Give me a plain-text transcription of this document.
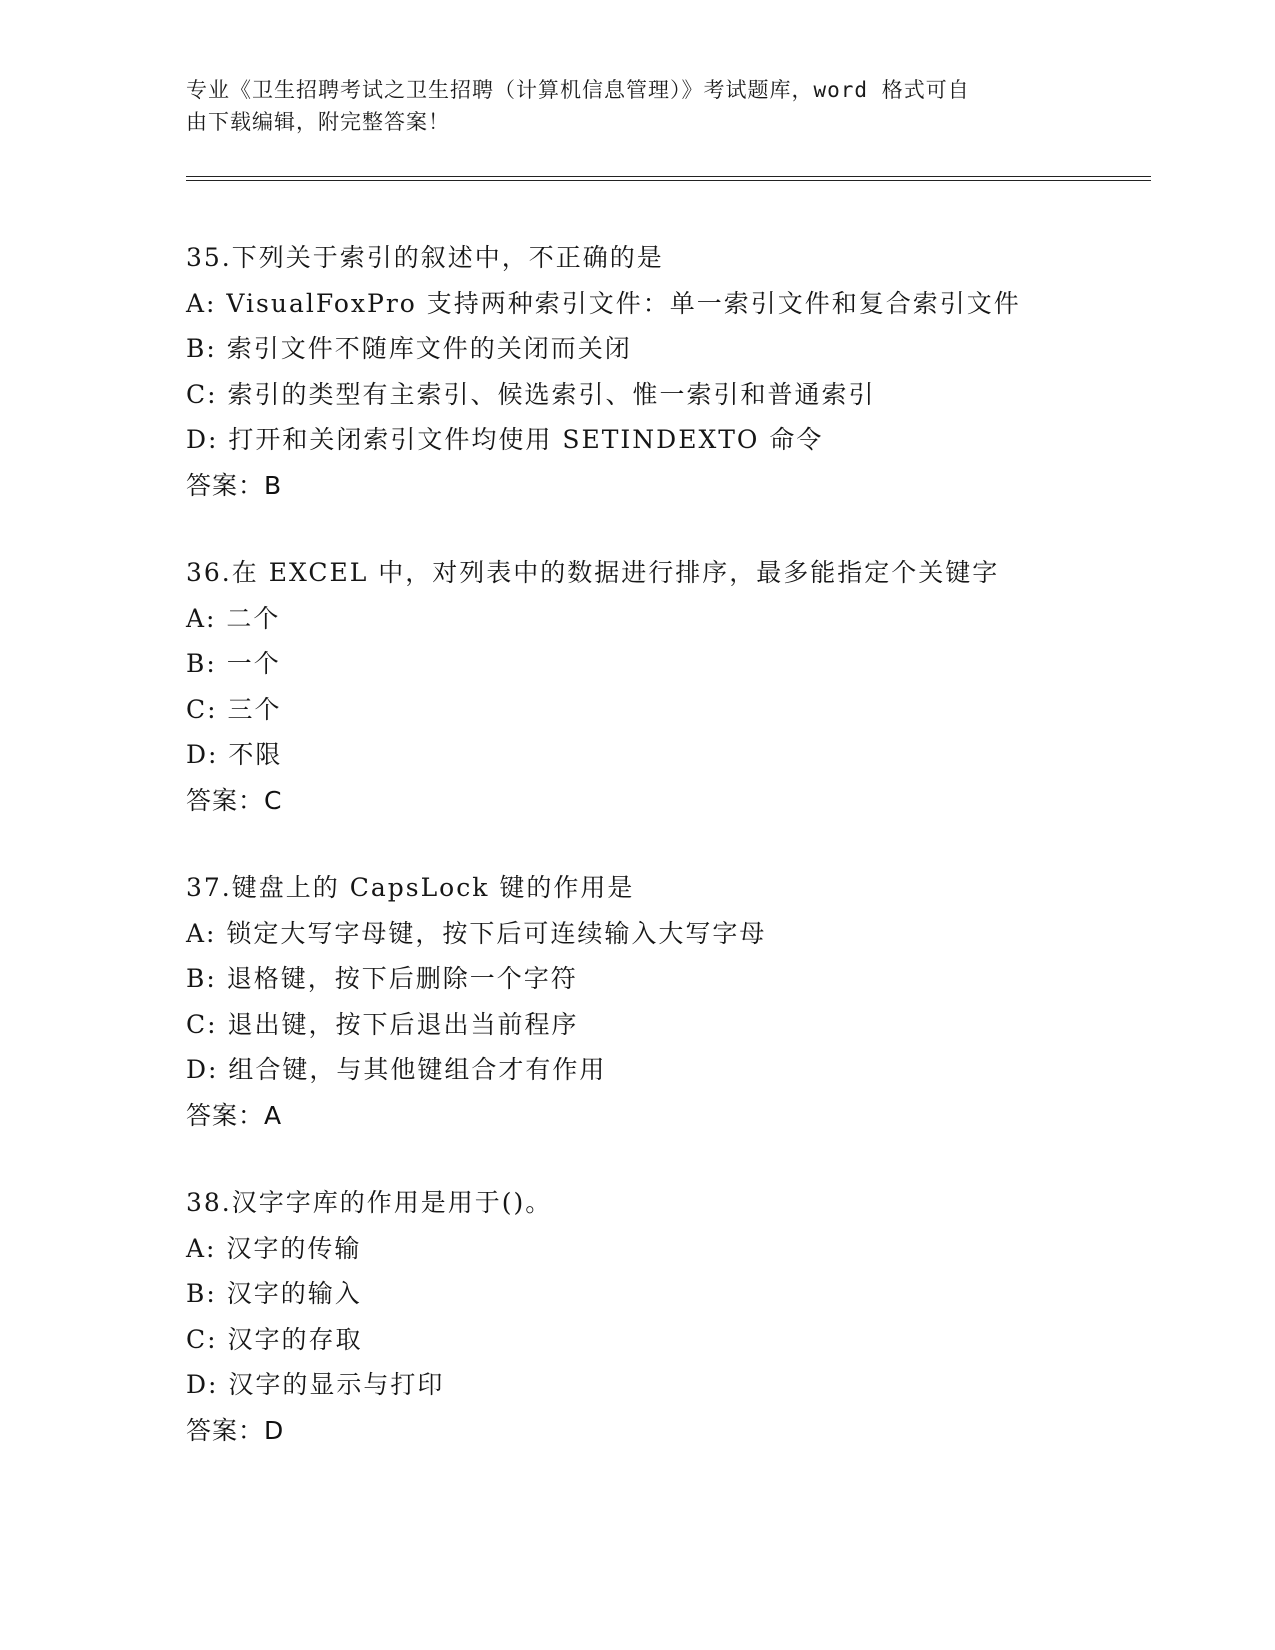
专业《卫生招聘考试之卫生招聘（计算机信息管理）》考试题库，word 格式可自
由下载编辑，附完整答案！
35.下列关于索引的叙述中，不正确的是
A: VisualFoxPro 支持两种索引文件：单一索引文件和复合索引文件
B: 索引文件不随库文件的关闭而关闭
C: 索引的类型有主索引、候选索引、惟一索引和普通索引
D: 打开和关闭索引文件均使用 SETINDEXTO 命令
答案：B
36.在 EXCEL 中，对列表中的数据进行排序，最多能指定个关键字
A: 二个
B: 一个
C: 三个
D: 不限
答案：C
37.键盘上的 CapsLock 键的作用是
A: 锁定大写字母键，按下后可连续输入大写字母
B: 退格键，按下后删除一个字符
C: 退出键，按下后退出当前程序
D: 组合键，与其他键组合才有作用
答案：A
38.汉字字库的作用是用于()。
A: 汉字的传输
B: 汉字的输入
C: 汉字的存取
D: 汉字的显示与打印
答案：D
